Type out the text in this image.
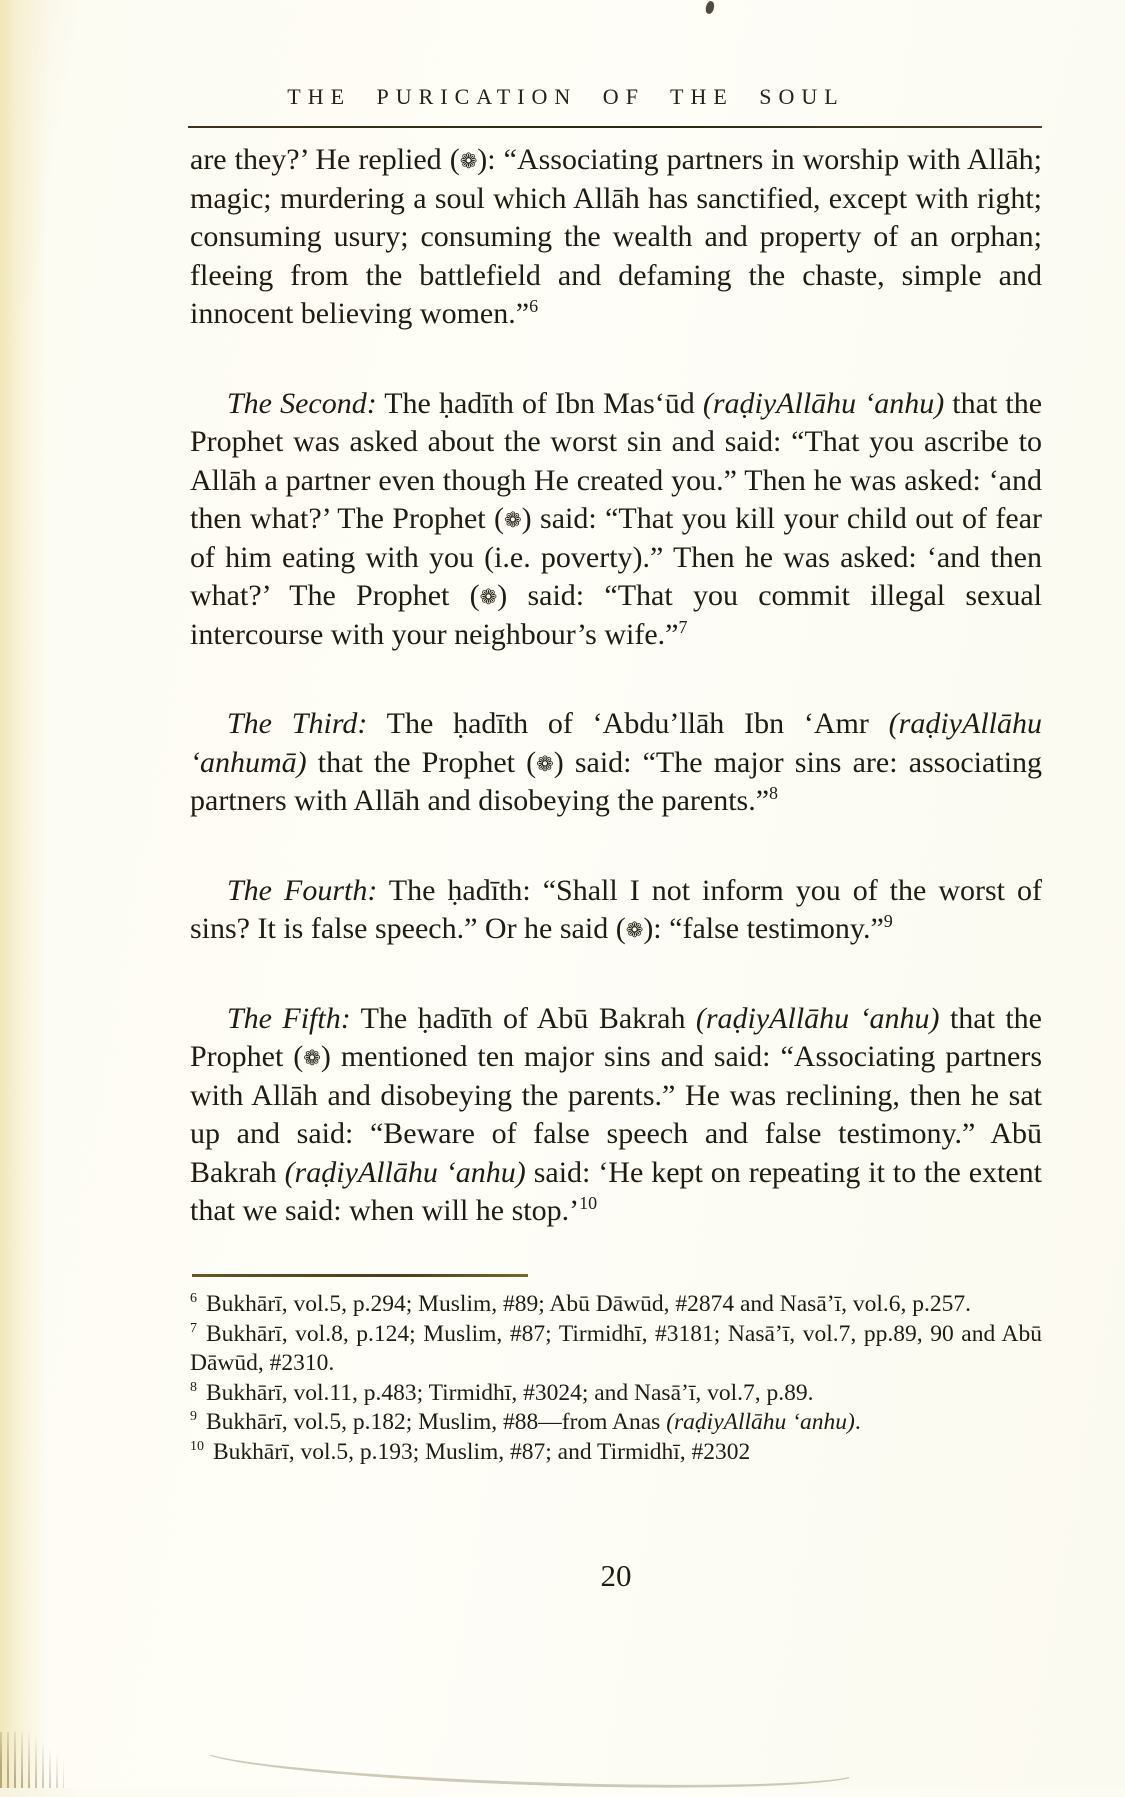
THE PURICATION OF THE SOUL

are they?’ He replied (❁): “Associating partners in worship with Allāh; magic; murdering a soul which Allāh has sanctified, except with right; consuming usury; consuming the wealth and property of an orphan; fleeing from the battlefield and defaming the chaste, simple and innocent believing women.”$^6$

The Second: The ḥadīth of Ibn Mas‘ūd (raḍiyAllāhu ‘anhu) that the Prophet was asked about the worst sin and said: “That you ascribe to Allāh a partner even though He created you.” Then he was asked: ‘and then what?’ The Prophet (❁) said: “That you kill your child out of fear of him eating with you (i.e. poverty).” Then he was asked: ‘and then what?’ The Prophet (❁) said: “That you commit illegal sexual intercourse with your neighbour’s wife.”$^7$

The Third: The ḥadīth of ‘Abdu’llāh Ibn ‘Amr (raḍiyAllāhu ‘anhumā) that the Prophet (❁) said: “The major sins are: associating partners with Allāh and disobeying the parents.”$^8$

The Fourth: The ḥadīth: “Shall I not inform you of the worst of sins? It is false speech.” Or he said (❁): “false testimony.”$^9$

The Fifth: The ḥadīth of Abū Bakrah (raḍiyAllāhu ‘anhu) that the Prophet (❁) mentioned ten major sins and said: “Associating partners with Allāh and disobeying the parents.” He was reclining, then he sat up and said: “Beware of false speech and false testimony.” Abū Bakrah (raḍiyAllāhu ‘anhu) said: ‘He kept on repeating it to the extent that we said: when will he stop.’$^{10}$

$^6$ Bukhārī, vol.5, p.294; Muslim, #89; Abū Dāwūd, #2874 and Nasā’ī, vol.6, p.257.

$^7$ Bukhārī, vol.8, p.124; Muslim, #87; Tirmidhī, #3181; Nasā’ī, vol.7, pp.89, 90 and Abū Dāwūd, #2310.

$^8$ Bukhārī, vol.11, p.483; Tirmidhī, #3024; and Nasā’ī, vol.7, p.89.

$^9$ Bukhārī, vol.5, p.182; Muslim, #88—from Anas (raḍiyAllāhu ‘anhu).

$^{10}$ Bukhārī, vol.5, p.193; Muslim, #87; and Tirmidhī, #2302

20
